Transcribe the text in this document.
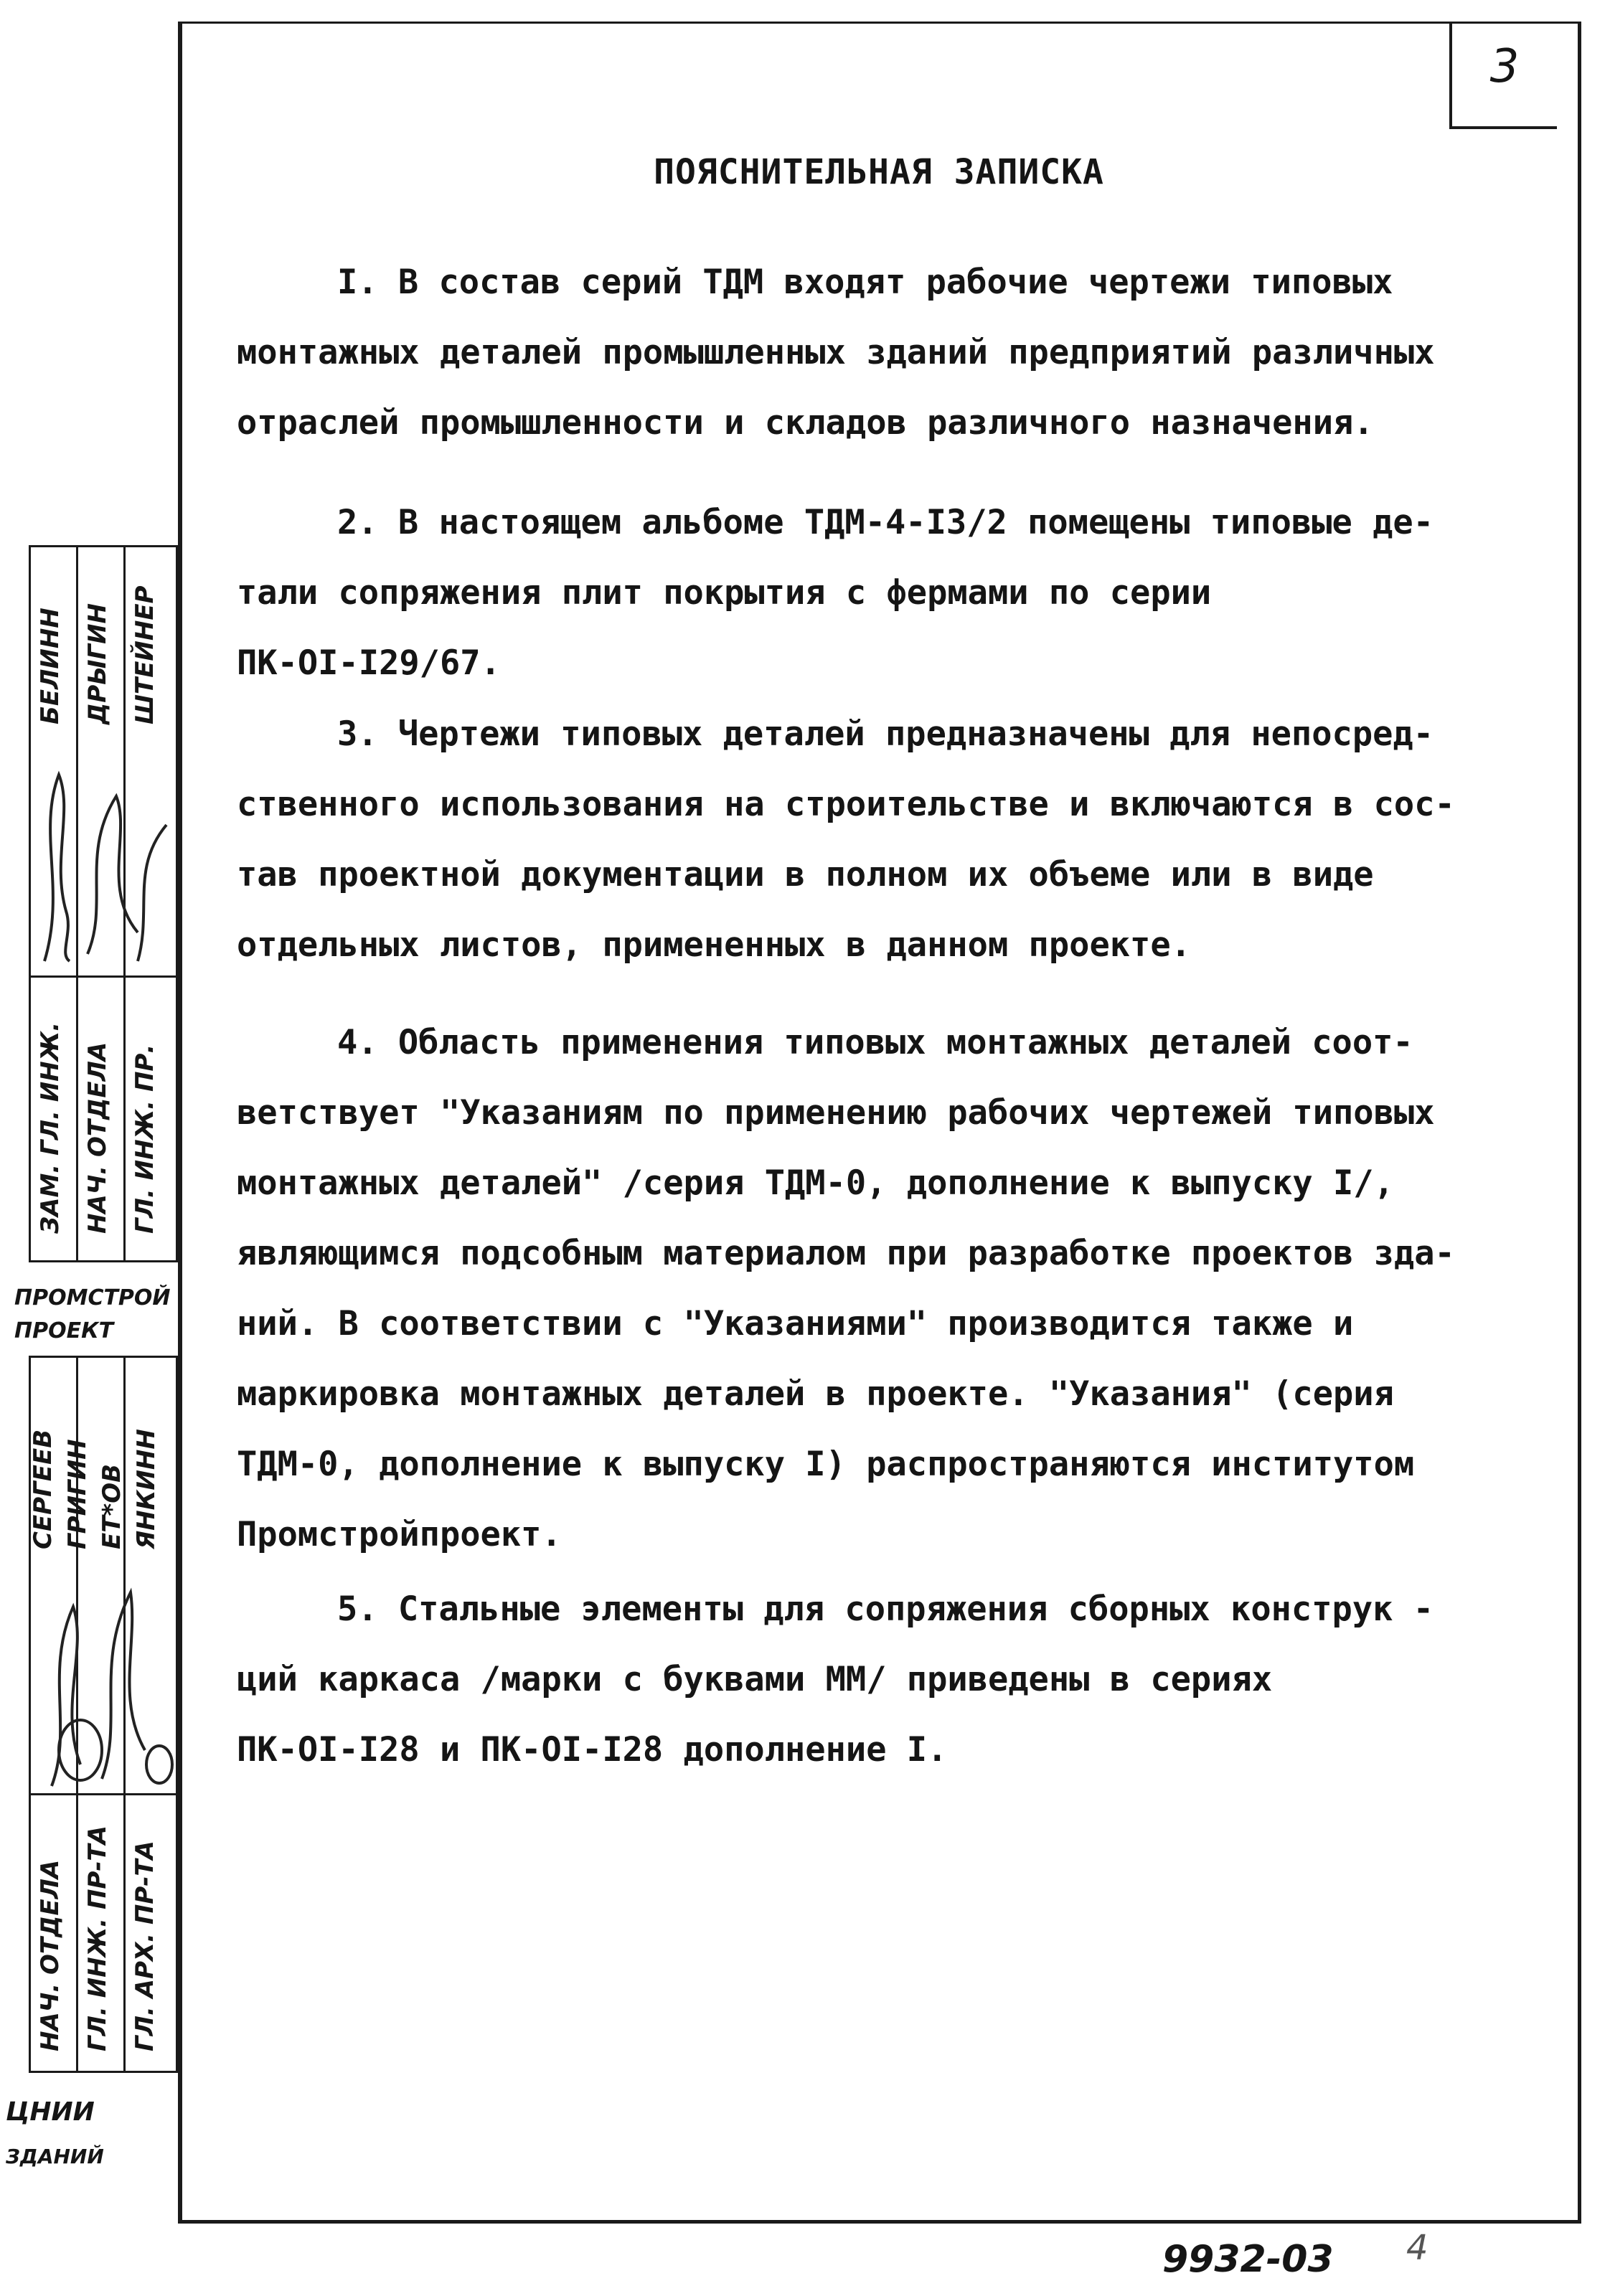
3
ПОЯСНИТЕЛЬНАЯ ЗАПИСКА
I. В состав серий ТДМ входят рабочие чертежи типовых
монтажных деталей промышленных зданий предприятий различных
отраслей промышленности и складов различного назначения.
2. В настоящем альбоме ТДМ-4-I3/2 помещены типовые де-
тали сопряжения плит покрытия с фермами по серии
ПК-OI-I29/67.
3. Чертежи типовых деталей предназначены для непосред-
ственного использования на строительстве и включаются в сос-
тав проектной документации в полном их объеме или в виде
отдельных листов, примененных в данном проекте.
4. Область применения типовых монтажных деталей соот-
ветствует "Указаниям по применению рабочих чертежей типовых
монтажных деталей" /серия ТДМ-0, дополнение к выпуску I/,
являющимся подсобным материалом при разработке проектов зда-
ний. В соответствии с "Указаниями" производится также и
маркировка монтажных деталей в проекте. "Указания" (серия
ТДМ-0, дополнение к выпуску I) распространяются институтом
Промстройпроект.
5. Стальные элементы для сопряжения сборных конструк -
ций каркаса /марки с буквами ММ/ приведены в сериях
ПК-OI-I28 и ПК-OI-I28 дополнение I.
БЕЛИНН ДРЫГИН ШТЕЙНЕР
ЗАМ. ГЛ. ИНЖ. НАЧ. ОТДЕЛА ГЛ. ИНЖ. ПР.
ПРОМСТРОЙ
ПРОЕКТ
СЕРГЕЕВ ГРИГИН ЕТ*ОВ ЯНКИНН
НАЧ. ОТДЕЛА ГЛ. ИНЖ. ПР-ТА ГЛ. АРХ. ПР-ТА
ЦНИИ
ЗДАНИЙ
9932-03 4
